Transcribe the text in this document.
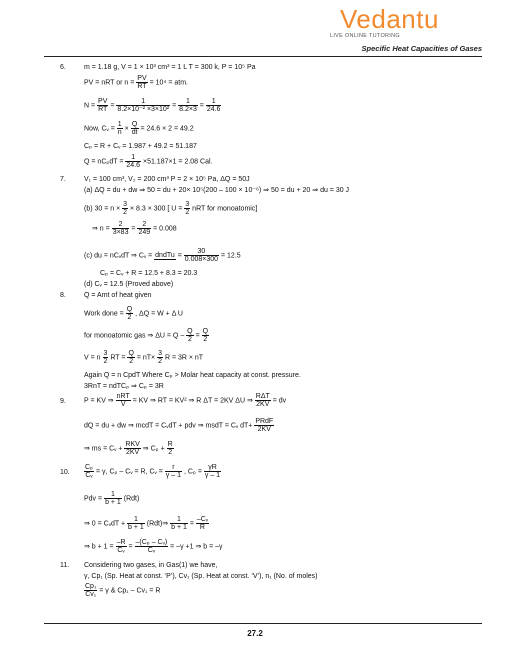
Vedantu
LIVE ONLINE TUTORING
Specific Heat Capacities of Gases
6.	m = 1.18 g, V = 1 × 10³ cm³ = 1 L T = 300 k, P = 10⁵ Pa
PV = nRT or $n = \frac{PV}{RT} = 10^4$ = atm.
$N = \frac{PV}{RT} = \frac{1}{\text{8.2×10⁻² ×3×10²}} = \frac{1}{8.2\times 3} = \frac{1}{24.6}$
Now, Cᵥ = $\frac{1}{n} \times \frac{Q}{dt} = 24.6 \times 2 = 49.2$
Cₚ = R + Cᵥ = 1.987 + 49.2 = 51.187
$Q = nC_pdT = \frac{1}{24.6} \times 51.187\times 1 = 2.08$ Cal.
7.	V₁ = 100 cm³, V₂ = 200 cm³ P = 2 × 10⁵ Pa, ΔQ = 50J
(a) ΔQ = du + dw ⇒ 50 = du + 20× 10⁵(200 – 100 × 10⁻⁶) ⇒ 50 = du + 20 ⇒ du = 30 J
(b) $30 = n \times \frac{3}{2} \times 8.3 \times 300$ [ $U = \frac{3}{2}$ nRT for monoatomic]
⇒ $n = \frac{2}{3\times 83} = \frac{2}{249} = 0.008$
(c) du = nCᵥdT ⇒ Cᵥ = dndTu = $\frac{30}{0.008\times 300} = 12.5$
Cₚ = Cᵥ + R = 12.5 + 8.3 = 20.3
(d) Cᵥ = 12.5 (Proved above)
8.	Q = Amt of heat given
Work done = $\frac{Q}{2}$ , ΔQ = W + Δ U
for monoatomic gas ⇒ $\Delta U = Q - \frac{Q}{2} = \frac{Q}{2}$
V = n $\frac{3}{2}$ RT = $\frac{Q}{2} = nT\times \frac{3}{2}$ R = 3R × nT
Again Q = n CpdT Where Cₚ > Molar heat capacity at const. pressure.
3RnT = ndTCₚ ⇒ Cₚ = 3R
9.	P = KV ⇒ $\frac{\text{nRT}}{V}$ = KV ⇒ RT = KV² ⇒ R ΔT = 2KV ΔU ⇒ $\frac{\text{RΔT}}{2KV}$ = dv
dQ = du + dw ⇒ mcdT = CᵥdT + pdv ⇒ msdT = Cᵥ $dT+ \frac{\text{PRdF}}{2KV}$
⇒ ms = Cᵥ + $\frac{\text{RKV}}{2KV}$ ⇒ $C_p + \frac{R}{2}$
10. $\frac{\text{Cₚ}}{\text{Cᵥ}} = \gamma$, Cₚ – Cᵥ = R, Cᵥ = $\frac{r}{\gamma - 1}$ , $C_p = \frac{\gamma R}{\gamma - 1}$
Pdv = $\frac{1}{b + 1} (Rdt)$
⇒ 0 = CᵥdT + $\frac{1}{b + 1}$ (Rdt)⇒ $\frac{1}{b + 1} = \frac{\text{–Cᵥ}}{R}$
⇒ $b + 1 = \frac{-R}{\text{Cᵥ}} = \frac{\text{–(Cₚ – Cᵥ)}}{\text{Cᵥ}} = -\gamma +1$ ⇒ b = –γ
11. Considering two gases, in Gas(1) we have,
γ, Cp₁ (Sp. Heat at const. ‘P’), Cv₁ (Sp. Heat at const. ‘V’), n₁ (No. of moles)
$\frac{\text{Cp₁}}{\text{Cv₁}} = \gamma$ & Cp₁ – Cv₁ = R
27.2
